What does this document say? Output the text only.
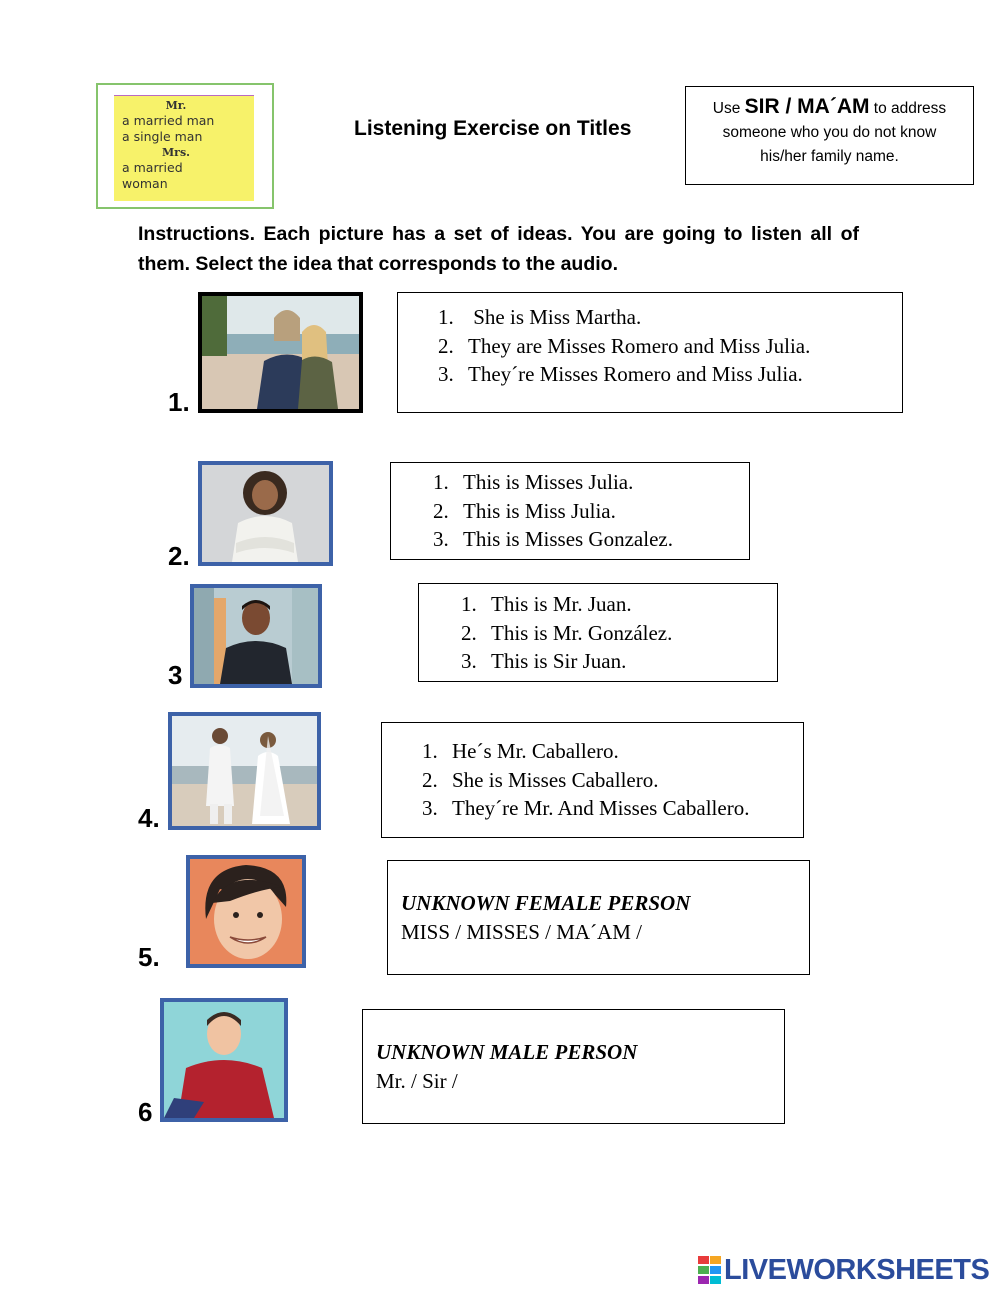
Mr.
a married man
a single man
Mrs.
a married
woman
Listening Exercise on Titles
Use SIR / MA´AM to address
someone who you do not know
his/her family name.
Instructions. Each picture has a set of ideas. You are going to listen all of them. Select the idea that corresponds to the audio.
1.
1. She is Miss Martha.
2. They are Misses Romero and Miss Julia.
3. They´re Misses Romero and Miss Julia.
2.
1. This is Misses Julia.
2. This is Miss Julia.
3. This is Misses Gonzalez.
3
1. This is Mr. Juan.
2. This is Mr. González.
3. This is Sir Juan.
4.
1. He´s Mr. Caballero.
2. She is Misses Caballero.
3. They´re Mr. And Misses Caballero.
5.
UNKNOWN FEMALE PERSON
MISS / MISSES / MA´AM /
6
UNKNOWN MALE PERSON
Mr. / Sir /
LIVEWORKSHEETS
